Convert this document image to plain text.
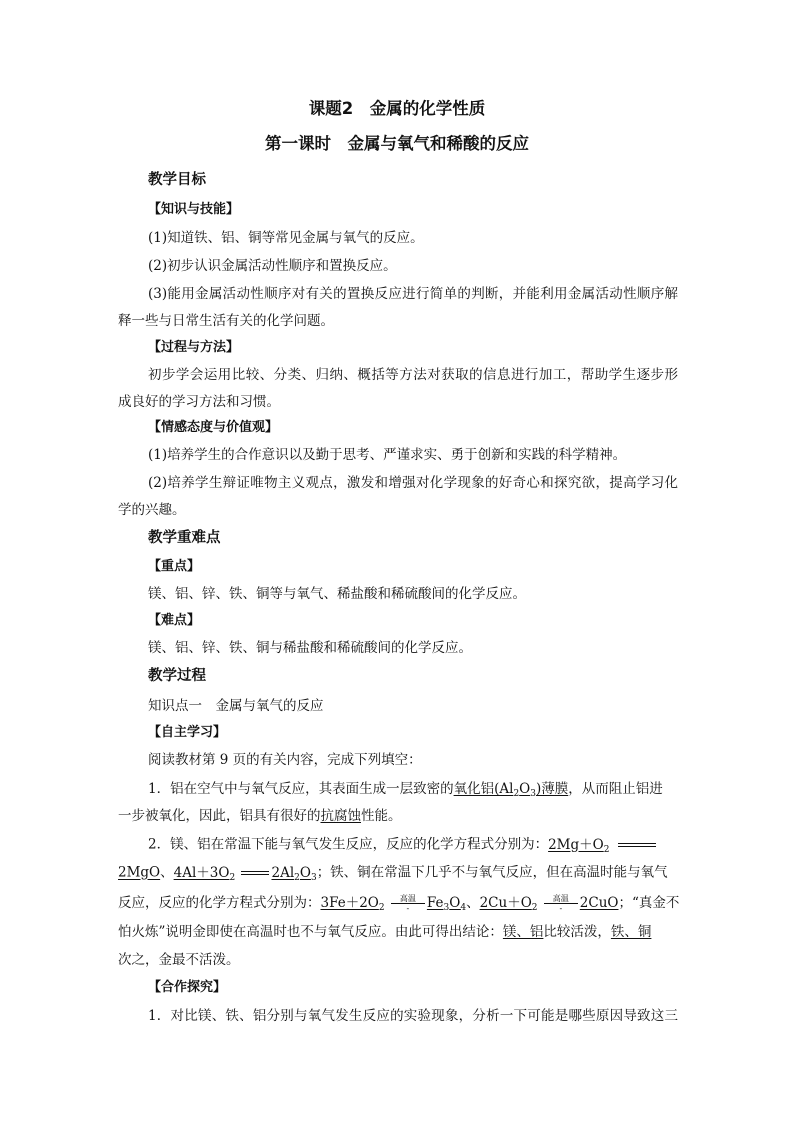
课题2　金属的化学性质
第一课时　金属与氧气和稀酸的反应
教学目标
【知识与技能】
(1)知道铁、铝、铜等常见金属与氧气的反应。
(2)初步认识金属活动性顺序和置换反应。
(3)能用金属活动性顺序对有关的置换反应进行简单的判断，并能利用金属活动性顺序解
释一些与日常生活有关的化学问题。
【过程与方法】
初步学会运用比较、分类、归纳、概括等方法对获取的信息进行加工，帮助学生逐步形
成良好的学习方法和习惯。
【情感态度与价值观】
(1)培养学生的合作意识以及勤于思考、严谨求实、勇于创新和实践的科学精神。
(2)培养学生辩证唯物主义观点，激发和增强对化学现象的好奇心和探究欲，提高学习化
学的兴趣。
教学重难点
【重点】
镁、铝、锌、铁、铜等与氧气、稀盐酸和稀硫酸间的化学反应。
【难点】
镁、铝、锌、铁、铜与稀盐酸和稀硫酸间的化学反应。
教学过程
知识点一　金属与氧气的反应
【自主学习】
阅读教材第 9 页的有关内容，完成下列填空：
1．铝在空气中与氧气反应，其表面生成一层致密的氧化铝$(Al_2O_3)$薄膜，从而阻止铝进
一步被氧化，因此，铝具有很好的抗腐蚀性能。
2．镁、铝在常温下能与氧气发生反应，反应的化学方程式分别为：$2Mg+O_2$

2MgO、$4Al+3O_2$

	$2Al_2O_3$；铁、铜在常温下几乎不与氧气反应，但在高温时能与氧气
反应，反应的化学方程式分别为：$3Fe+2O_2$
高温
-	$Fe_3O_4$、$2Cu+O_2$
高温
-	2CuO；“真金不
怕火炼”说明金即使在高温时也不与氧气反应。由此可得出结论：镁、铝比较活泼，铁、铜
次之，金最不活泼。
【合作探究】
1．对比镁、铁、铝分别与氧气发生反应的实验现象，分析一下可能是哪些原因导致这三
